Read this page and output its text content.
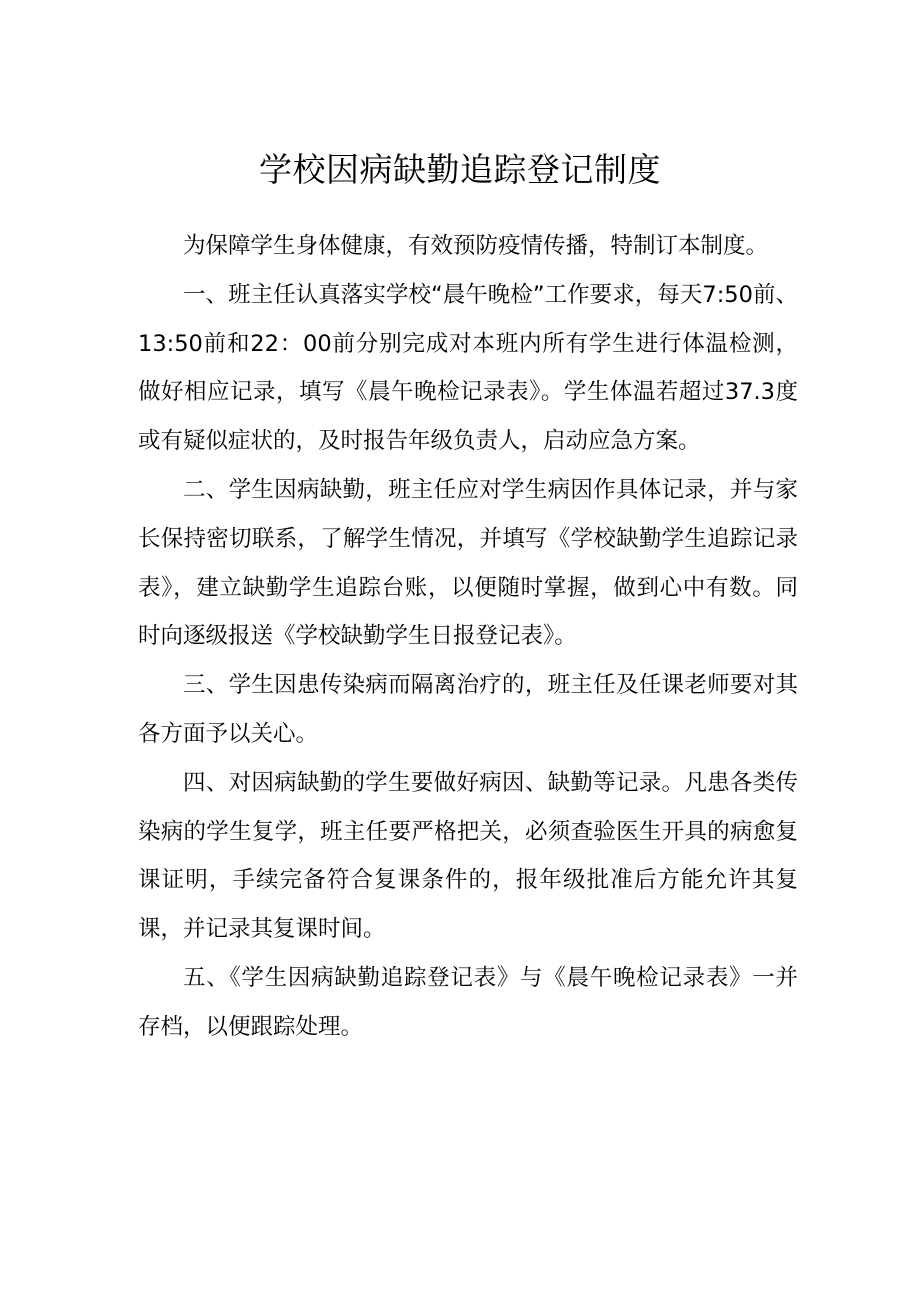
学校因病缺勤追踪登记制度

为保障学生身体健康，有效预防疫情传播，特制订本制度。

一、班主任认真落实学校“晨午晚检”工作要求，每天7:50前、13:50前和22：00前分别完成对本班内所有学生进行体温检测，做好相应记录，填写《晨午晚检记录表》。学生体温若超过37.3度或有疑似症状的，及时报告年级负责人，启动应急方案。

二、学生因病缺勤，班主任应对学生病因作具体记录，并与家长保持密切联系，了解学生情况，并填写《学校缺勤学生追踪记录表》，建立缺勤学生追踪台账，以便随时掌握，做到心中有数。同时向逐级报送《学校缺勤学生日报登记表》。

三、学生因患传染病而隔离治疗的，班主任及任课老师要对其各方面予以关心。

四、对因病缺勤的学生要做好病因、缺勤等记录。凡患各类传染病的学生复学，班主任要严格把关，必须查验医生开具的病愈复课证明，手续完备符合复课条件的，报年级批准后方能允许其复课，并记录其复课时间。

五、《学生因病缺勤追踪登记表》与《晨午晚检记录表》一并存档，以便跟踪处理。
